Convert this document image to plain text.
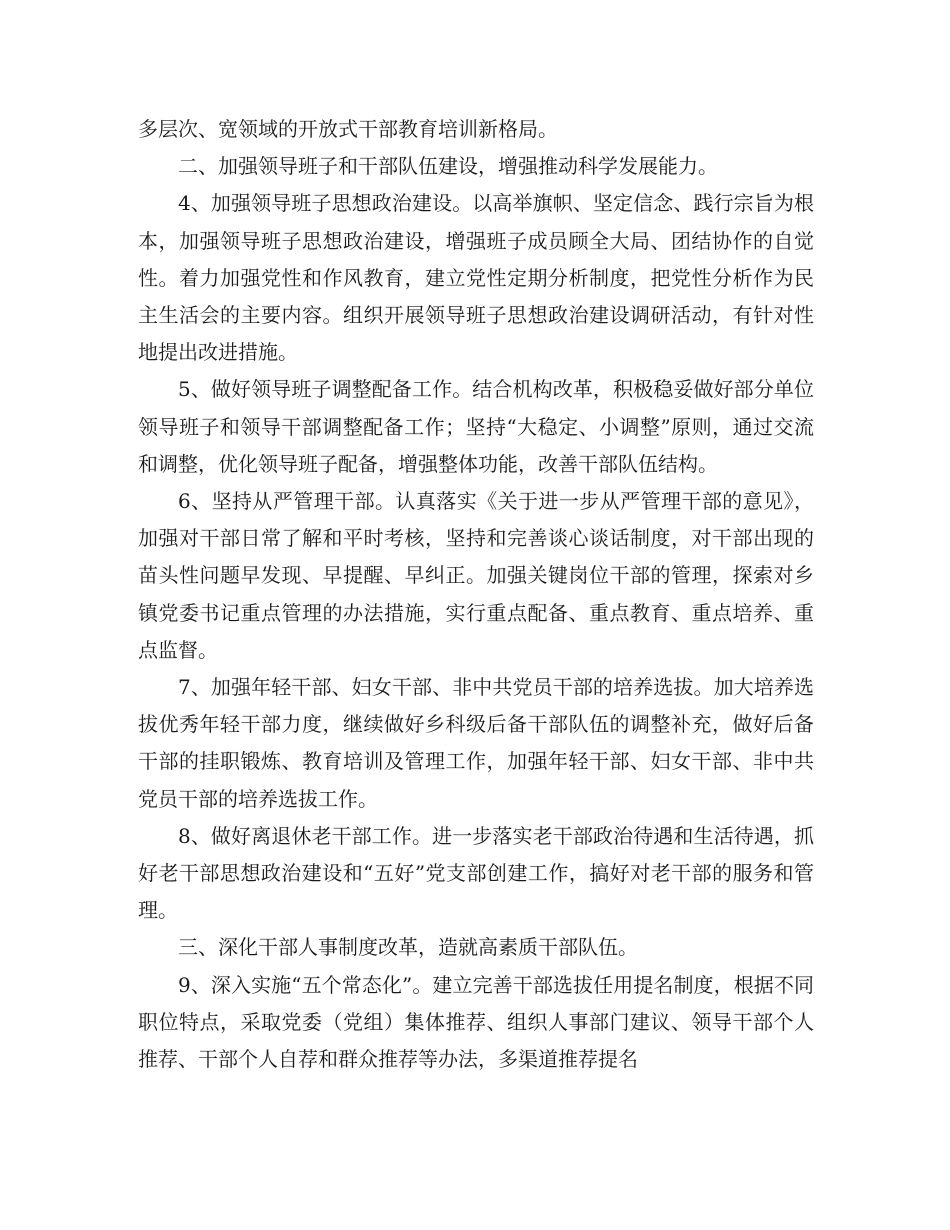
多层次、宽领域的开放式干部教育培训新格局。

二、加强领导班子和干部队伍建设，增强推动科学发展能力。

4、加强领导班子思想政治建设。以高举旗帜、坚定信念、践行宗旨为根本，加强领导班子思想政治建设，增强班子成员顾全大局、团结协作的自觉性。着力加强党性和作风教育，建立党性定期分析制度，把党性分析作为民主生活会的主要内容。组织开展领导班子思想政治建设调研活动，有针对性地提出改进措施。

5、做好领导班子调整配备工作。结合机构改革，积极稳妥做好部分单位领导班子和领导干部调整配备工作；坚持“大稳定、小调整”原则，通过交流和调整，优化领导班子配备，增强整体功能，改善干部队伍结构。

6、坚持从严管理干部。认真落实《关于进一步从严管理干部的意见》，加强对干部日常了解和平时考核，坚持和完善谈心谈话制度，对干部出现的苗头性问题早发现、早提醒、早纠正。加强关键岗位干部的管理，探索对乡镇党委书记重点管理的办法措施，实行重点配备、重点教育、重点培养、重点监督。

7、加强年轻干部、妇女干部、非中共党员干部的培养选拔。加大培养选拔优秀年轻干部力度，继续做好乡科级后备干部队伍的调整补充，做好后备干部的挂职锻炼、教育培训及管理工作，加强年轻干部、妇女干部、非中共党员干部的培养选拔工作。

8、做好离退休老干部工作。进一步落实老干部政治待遇和生活待遇，抓好老干部思想政治建设和“五好”党支部创建工作，搞好对老干部的服务和管理。

三、深化干部人事制度改革，造就高素质干部队伍。

9、深入实施“五个常态化”。建立完善干部选拔任用提名制度，根据不同职位特点，采取党委（党组）集体推荐、组织人事部门建议、领导干部个人推荐、干部个人自荐和群众推荐等办法，多渠道推荐提名
